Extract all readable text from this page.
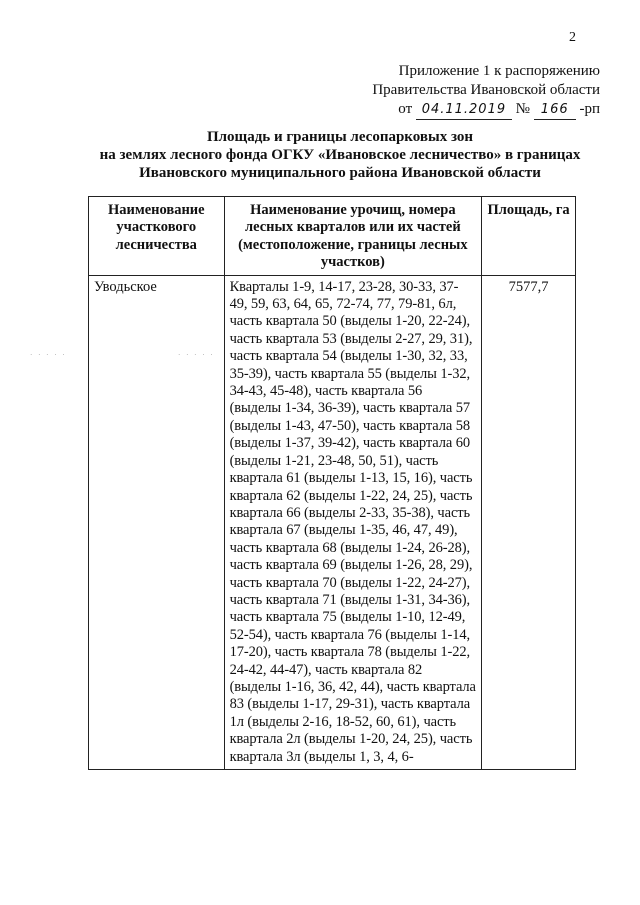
2
Приложение 1 к распоряжению
Правительства Ивановской области
от 04.11.2019 № 166 -рп
Площадь и границы лесопарковых зон
на землях лесного фонда ОГКУ «Ивановское лесничество» в границах
Ивановского муниципального района Ивановской области
· · · · ·	· · · · ·
Наименование участкового лесничества	Наименование урочищ, номера лесных кварталов или их частей (местоположение, границы лесных участков)	Площадь, га
Уводьское	Кварталы 1-9, 14-17, 23-28, 30-33, 37-49, 59, 63, 64, 65, 72-74, 77, 79-81, 6л, часть квартала 50 (выделы 1-20, 22-24), часть квартала 53 (выделы 2-27, 29, 31), часть квартала 54 (выделы 1-30, 32, 33, 35-39), часть квартала 55 (выделы 1-32, 34-43, 45-48), часть квартала 56 (выделы 1-34, 36-39), часть квартала 57 (выделы 1-43, 47-50), часть квартала 58 (выделы 1-37, 39-42), часть квартала 60 (выделы 1-21, 23-48, 50, 51), часть квартала 61 (выделы 1-13, 15, 16), часть квартала 62 (выделы 1-22, 24, 25), часть квартала 66 (выделы 2-33, 35-38), часть квартала 67 (выделы 1-35, 46, 47, 49), часть квартала 68 (выделы 1-24, 26-28), часть квартала 69 (выделы 1-26, 28, 29), часть квартала 70 (выделы 1-22, 24-27), часть квартала 71 (выделы 1-31, 34-36), часть квартала 75 (выделы 1-10, 12-49, 52-54), часть квартала 76 (выделы 1-14, 17-20), часть квартала 78 (выделы 1-22, 24-42, 44-47), часть квартала 82 (выделы 1-16, 36, 42, 44), часть квартала 83 (выделы 1-17, 29-31), часть квартала 1л (выделы 2-16, 18-52, 60, 61), часть квартала 2л (выделы 1-20, 24, 25), часть квартала 3л (выделы 1, 3, 4, 6-	7577,7
